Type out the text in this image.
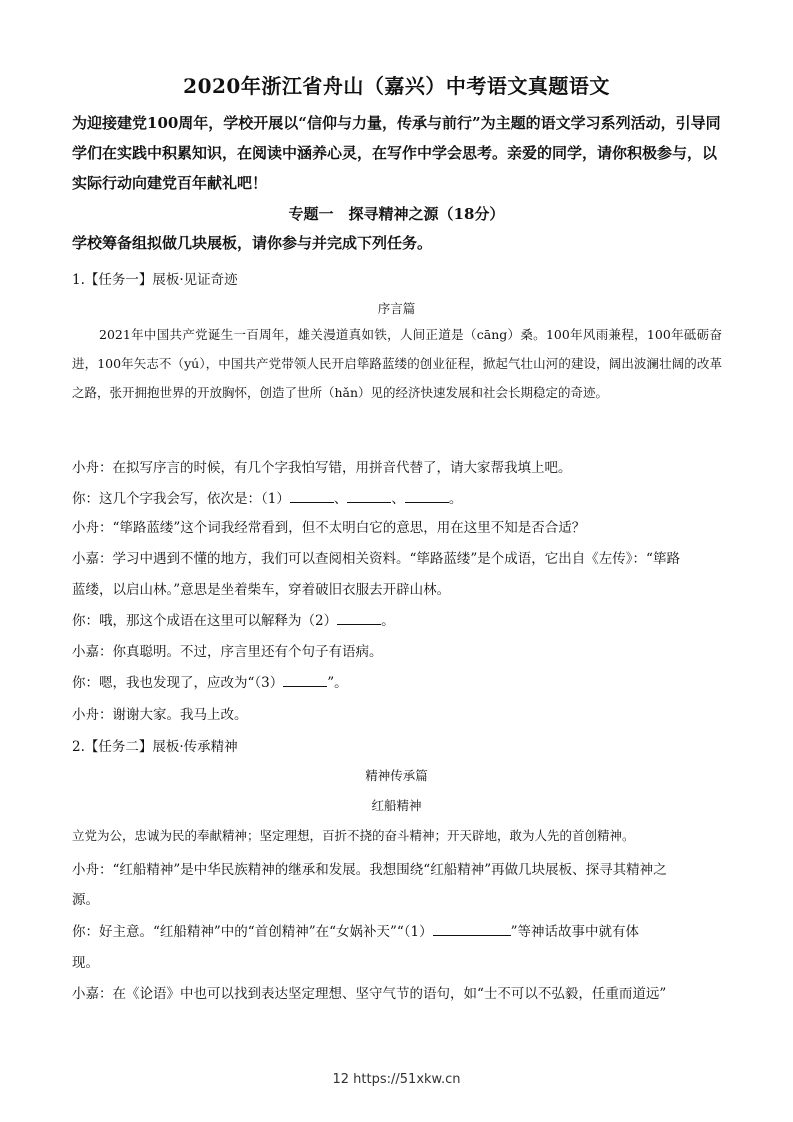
2020年浙江省舟山（嘉兴）中考语文真题语文
为迎接建党100周年，学校开展以“信仰与力量，传承与前行”为主题的语文学习系列活动，引导同学们在实践中积累知识，在阅读中涵养心灵，在写作中学会思考。亲爱的同学，请你积极参与，以实际行动向建党百年献礼吧！
专题一　探寻精神之源（18分）
学校筹备组拟做几块展板，请你参与并完成下列任务。
1.【任务一】展板·见证奇迹
序言篇
2021年中国共产党诞生一百周年，雄关漫道真如铁，人间正道是（cāng）桑。100年风雨兼程，100年砥砺奋进，100年矢志不（yú），中国共产党带领人民开启筚路蓝缕的创业征程，掀起气壮山河的建设，阔出波澜壮阔的改革之路，张开拥抱世界的开放胸怀，创造了世所（hǎn）见的经济快速发展和社会长期稳定的奇迹。
小舟：在拟写序言的时候，有几个字我怕写错，用拼音代替了，请大家帮我填上吧。
你：这几个字我会写，依次是：（1）	、	、	。
小舟：“筚路蓝缕”这个词我经常看到，但不太明白它的意思，用在这里不知是否合适？
小嘉：学习中遇到不懂的地方，我们可以查阅相关资料。“筚路蓝缕”是个成语，它出自《左传》：“筚路
蓝缕，以启山林。”意思是坐着柴车，穿着破旧衣服去开辟山林。
你：哦，那这个成语在这里可以解释为（2）	。
小嘉：你真聪明。不过，序言里还有个句子有语病。
你：嗯，我也发现了，应改为“（3）	”。
小舟：谢谢大家。我马上改。
2.【任务二】展板·传承精神
精神传承篇
红船精神
立党为公，忠诚为民的奉献精神；坚定理想，百折不挠的奋斗精神；开天辟地，敢为人先的首创精神。
小舟：“红船精神”是中华民族精神的继承和发展。我想围绕“红船精神”再做几块展板、探寻其精神之
源。
你：好主意。“红船精神”中的“首创精神”在“女娲补天”“（1）	”等神话故事中就有体
现。
小嘉：在《论语》中也可以找到表达坚定理想、坚守气节的语句，如“士不可以不弘毅，任重而道远”
12 https://51xkw.cn
